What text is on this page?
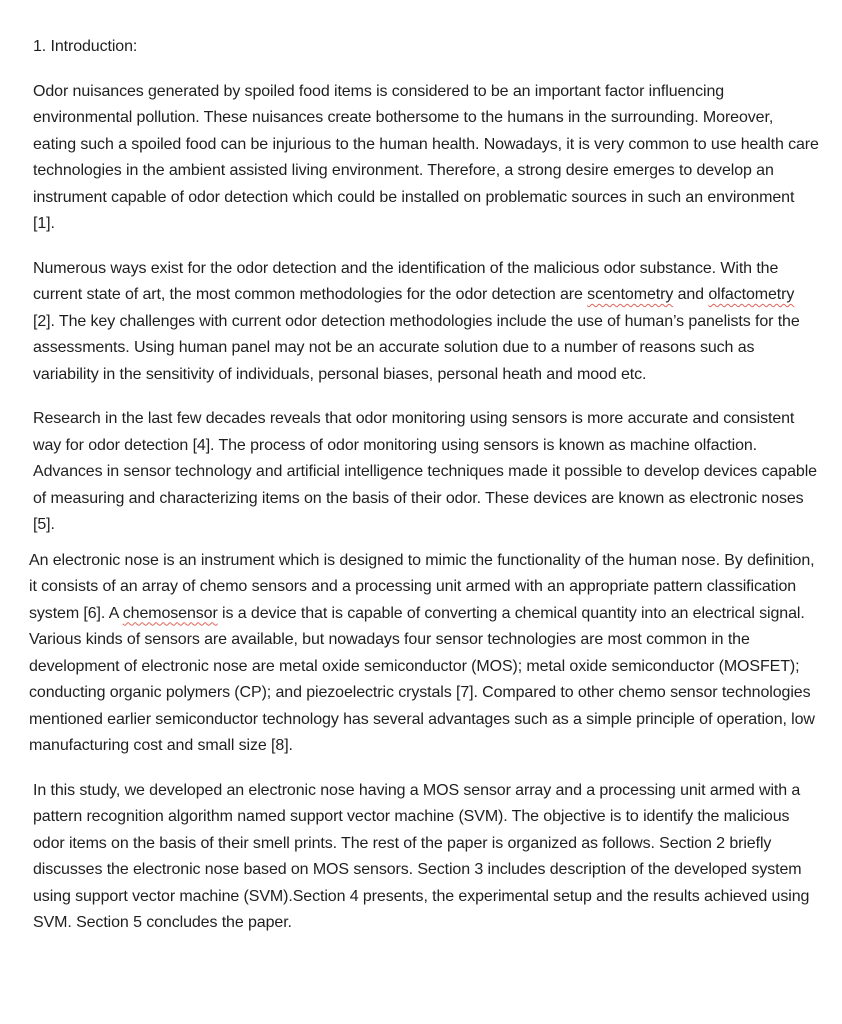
1. Introduction:

Odor nuisances generated by spoiled food items is considered to be an important factor influencing environmental pollution. These nuisances create bothersome to the humans in the surrounding. Moreover, eating such a spoiled food can be injurious to the human health. Nowadays, it is very common to use health care technologies in the ambient assisted living environment. Therefore, a strong desire emerges to develop an instrument capable of odor detection which could be installed on problematic sources in such an environment [1].

Numerous ways exist for the odor detection and the identification of the malicious odor substance. With the current state of art, the most common methodologies for the odor detection are scentometry and olfactometry [2]. The key challenges with current odor detection methodologies include the use of human’s panelists for the assessments. Using human panel may not be an accurate solution due to a number of reasons such as variability in the sensitivity of individuals, personal biases, personal heath and mood etc.

Research in the last few decades reveals that odor monitoring using sensors is more accurate and consistent way for odor detection [4]. The process of odor monitoring using sensors is known as machine olfaction. Advances in sensor technology and artificial intelligence techniques made it possible to develop devices capable of measuring and characterizing items on the basis of their odor. These devices are known as electronic noses [5].

An electronic nose is an instrument which is designed to mimic the functionality of the human nose. By definition, it consists of an array of chemo sensors and a processing unit armed with an appropriate pattern classification system [6]. A chemosensor is a device that is capable of converting a chemical quantity into an electrical signal. Various kinds of sensors are available, but nowadays four sensor technologies are most common in the development of electronic nose are metal oxide semiconductor (MOS); metal oxide semiconductor (MOSFET); conducting organic polymers (CP); and piezoelectric crystals [7]. Compared to other chemo sensor technologies mentioned earlier semiconductor technology has several advantages such as a simple principle of operation, low manufacturing cost and small size [8].

In this study, we developed an electronic nose having a MOS sensor array and a processing unit armed with a pattern recognition algorithm named support vector machine (SVM). The objective is to identify the malicious odor items on the basis of their smell prints. The rest of the paper is organized as follows. Section 2 briefly discusses the electronic nose based on MOS sensors. Section 3 includes description of the developed system using support vector machine (SVM).Section 4 presents, the experimental setup and the results achieved using SVM. Section 5 concludes the paper.
